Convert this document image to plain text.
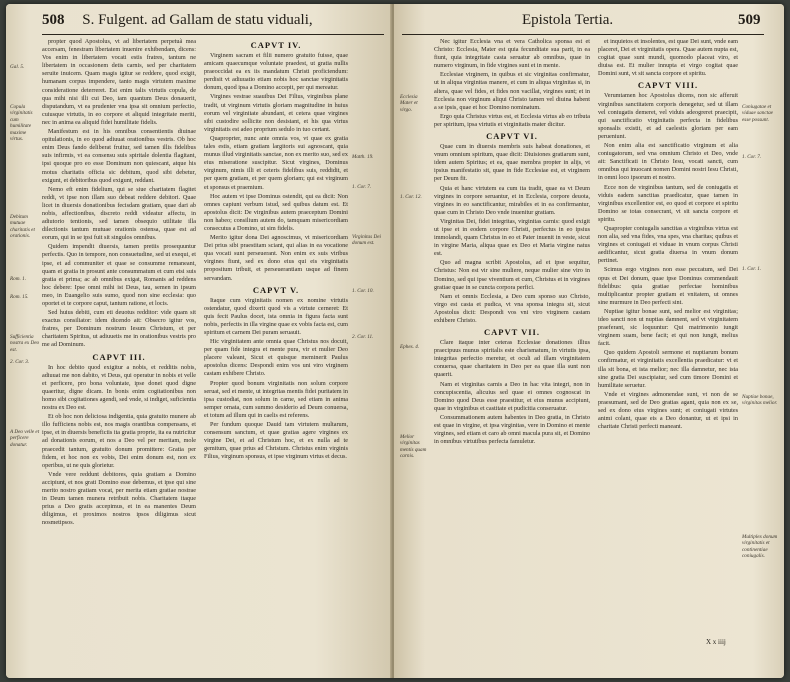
508 S. Fulgent. ad Gallam de statu viduali,
Gal. 5.
Copula virginitatis cum humilitate maxime virtus.
Debitum mutuae charitatis et orationis.
Rom. 1.
Rom. 15.
Sufficientia nostra ex Deo est.
2. Cor. 3.
A Deo velle et perficere donatur.

propter quod Apostolus, vt ad libertatem perpetuã mea accersam, fenestram libertatem inuenire exhibendam, dicens: Vos enim in libertatem vocati estis fratres, tantum ne libertatem in occasionem detis carnis, sed per charitatem seruite inuicem. Quam magis igitur se reddere, quod exigit, humanam corpus impendere, tanto magis virtutem maxime consideratione deterreret. Est enim talis virtutis copula, de qua mihi nisi illi cui Deo, iam quantum Deus donauerit, disputandum, vt ea prudenter vna ipsa sit omnium perfectio, cuiusque virtutis, in eo corpore et aliquid integritate meriti, nec in anima ea aliquid fidei humilitate fidelis.

Manifestum est in his omnibus consentientis diuinae opitulationis, in eo quod adiuuat orationibus vestris. Ob hoc enim Deus fando deliberat fruitur, sed tamen illis fidelibus suis infirmis, vt ea consensu suis spiritale dolentia flagitant, ipsi quoque pro eo esse Dominum non quiescant, atque his motus charitatis officia sic debitum, quod sibi debetur, exigunt, et debitoribus quod exigunt, reddant.

Nemo eft enim fidelium, qui se siue charitatem flagitet reddi, vt ipse non illam suo debeat reddere debitori. Quae licet in diuersis donationibus fecisdam gratiam, quae dari ab nobis, affectionibus, discreto reddi videatur affectu, in adiutorio tentionis, sed tamen obsequio utilitate illa dilectionis tantum mutuae orationis ostensa, quae est ad eorum, qui in se ipsi fuit sit singulos omnibus.

Quidem impendit diuersis, tamen pretiis prosequuntur perfectis. Quo in tempore, non consuetudine, sed ut exequi, et ipse, et ad communiter et quae se consumme remaneant, quam et gratia in prosunt ante consummatum et cum etsi suis gratia et prima; ac ab omnibus exigat, Romanis ad reddens hoc debere: Ipse omni mihi ist Deus, tau, semen in ipsum meo, in Euangelio suis sumo, quod non sine ecclesia: quo oportet ei te corpore caput, tantum ratione, et locis.

Sed huius debiti, cum eti deuotus redditor: vide quam sit exactus consiliator: idem dicendo ait: Obsecro igitur vos, fratres, per Dominum nostrum Iesum Christum, et per charitatem Spiritus, ut adiuuetis me in orationibus vestris pro me ad Dominum.

CAPVT III.

In hoc debito quod exigitur a nobis, et redditis nobis, adiuuat me non dabito, vt Deus, qui operatur in nobis et velle et perficere, pro bona voluntate, ipse donet quod digne quaeritur, digne dicam. In bonis enim cogitationibus non homo sibi cogitationes agendi, sed vnde, si indiget, suficientia nostra ex Deo est.

Et ob hoc non deliciosa indigentia, quia gratuito munere ab illo fufficiens nobis est, nos magis orantibus compensans, et ipse, et in diuersis beneficiis ita gratia proprie, ita ea nutricitur ad donationis eorum, et nos a Deo vel per meritam, mole praecedit tantum, gratuito donum promittere: Gratia per fidem, et hoc non ex vobis, Dei enim donum est, non ex operibus, ut ne quis glorietur.

Vnde vere reddunt debitores, quia gratiam a Domino accipiunt, et nos grati Domino esse debemus, et ipse qui sine merito nostro gratiam vocat, per merita etiam gratiae nostrae in Deum tamen munera retribuit nobis. Charitatem itaque prius a Deo gratis accepimus, et in ea manentes Deum diligimus, et proximos nostros ipsos diligimus sicut nosmetipsos.

CAPVT IV.

Virginem sacram et filii numero gratuito fuisse, quae amicam quaecumque voluntate praedest, ut gratia nullis praeoccidat ea ex iis mandatum Christi proficiendum: perdisit vt adiuuatio etiam nobis hoc sanctae virginitatis donum, quod ipsa a Domino accepit, per qui mereatur.

Virgines vestrae suauibus Dei Filius, virginibus plane tradit, ut virginum virtutis gloriam magnitudine in huius eorum vel virginitate abundant, et cetera quae virgines sibi custodire sollicite non desistant, et his qua virtus virginitatis est adeo proprium sedulo in tuo certant.

Quaproprter, nunc ante omnia vos, vt quae ex gratia tales estis, etiam gratiam largitoris sui agnoscant, quia munus illud virginitatis sanctae, non ex merito suo, sed ex eius miseratione suscipitur. Sicut virgines, Dominus virginum, nimis illi et ceteris fidelibus suis, reddidit, et per quem gratiam, et per quem gloriam; qui est virginum et sponsus et praemium.

Hoc autem vt ipse Dominus ostendit, qui ea dicit: Non omnes capiunt verbum istud, sed quibus datum est. Et apostolus dicit: De virginibus autem praeceptum Domini non habeo; consilium autem do, tamquam misericordiam consecutus a Domino, ut sim fidelis.

Merito igitur dona Dei agnoscimus, vt misericordiam Dei prius sibi praestitam sciant, qui alias in ea vocatione qua vocati sunt perseuerant. Non enim ex suis viribus virgines fiunt, sed ex dono eius qui eis virginitatis propositum tribuit, et perseuerantiam usque ad finem servandam.

CAPVT V.

Itaque cum virginitatis nomen ex nomine virtutis ostendatur, quod dixerit quod vis a virtute cerneret: Et quis fecit Paulus docet, ista omnia in figura facta sunt nobis, perfectis in illa virgine quae ex vobis facta est, cum spiritum et carnem Dei puram seruauit.

Hic virginitatem ante omnia quae Christus nos docuit, per quam fide integra et mente pura, vir et mulier Deo placere valeant, Sicut et quisque meminerit Paulus apostolus dicens: Despondi enim vos uni viro virginem castam exhibere Christo.

Propter quod bonum virginitatis non solum corpore seruat, sed et mente, ut integritas mentis fidei puritatem in ipsa custodiat, non solum in carne, sed etiam in anima semper ornata, cum summo desiderio ad Deum conuersa, et totum ad illum qui in caelis est referens.

Per fundum quoque Dauid tam virtutem multarum, consensum sanctum, et quae gratias agere virgines ex virgine Dei, et ad Christum hoc, et ex nulla ad te gemitum, quae prius ad Christum. Christus enim virginis Filius, virginum sponsus, et ipse virginum virtus et decus.

Matth. 19.
1. Cor. 7.
Virginitas Dei donum est.
1. Cor. 10.
2. Cor. 11.
Epistola Tertia.	509
Ecclesia Mater et virgo.
1. Cor. 12.
Ephes. 4.
Melior virginitas mentis quam carnis.

Nec igitur Ecclesia vna et vera Catholica sponsa est et Christo: Ecclesia, Mater est quia fecunditate sua parit, in ea fiunt, quia integritate casta seruatur ab omnibus, quae in numero virginum, in fide virgines sunt et in mente.

Ecclesiae virginem, in quibus et sic virginitas confirmatur, ut in aliqua virginitas manere, et cum in aliqua virginitas si, in altera, quae vel fides, et fides non vacillat, virgines sunt; et in Ecclesia non virginum aliqui Christo tamen vel diuina habent a se ipsis, quae et hoc Domino nominatum.

Ergo quia Christus virtus est, et Ecclesia virtus ab eo tributa per spiritum, ipsa virtutis et virginitatis mater dicitur.

CAPVT VI.

Quae cum in diuersis membris suis habeat donationes, et vnum omnium spiritum, quae dicit: Diuisiones gratiarum sunt, idem autem Spiritus; et ea, quae membra propter in alijs, vt ipsius manifestatio sit, quae in fide Ecclesiae est, et virginem per Deum fit.

Quia et hanc virtutem ea cum ita tradit, quae ea vt Deum virgines in corpore seruantur, et in Ecclesia, corpore deuota, virgines in eo sanctificantur, mirabiles et in ea confirmantur, quae cum in Christo Deo vnde inuenitur gratiam.

Virginitas Dei, fidei integritas, virginitas carnis: quod exigit ut ipse et in eodem corpore Christi, perfectus in eo ipsius immolandi, quam Christus in eo et Pater inuenit in veste, sicut in virgine Maria, aliqua quae ex Deo et Maria virgine natus est.

Quo ad magna scribit Apostolus, ad et ipse sequitur, Christus: Non est vir sine muliere, neque mulier sine viro in Domino, sed qui ipse viventium et cum, Christus et in virgines gratiae quae in se cuncta corpora perfici.

Nam et omnis Ecclesia, a Deo cum sponso suo Christo, virgo est casta et pudica, vt vna sponsa integra sit, sicut Apostolus dicit: Despondi vos vni viro virginem castam exhibere Christo.

CAPVT VII.

Clare itaque inter ceteras Ecclesiae donationes illius praecipuus munus spiritalis este charismatum, in virtutis ipsa, integritas perfectio meretur, et oculi ad illam virginitatem conuersa, quae charitatem in Deo per ea quae illa sunt non quaerit.

Nam et virginitas carnis a Deo in hac vita integri, non in concupiscentia, alicuius sed quae ei omnes cognoscat in Domino quod Deus esse praestitur, et eius munus accipiunt, quae in virginibus et castitate et pudicitia conseruatur.

Consummationem autem habentes in Deo gratia, in Christo est quae in virgine, et ipsa virginitas, vere in Domino et mente virgines, sed etiam et caro ab omni macula pura sit, et Domino in omnibus virtutibus perfecta famuletur.

et inquietos et insolentes, est quae Dei sunt, vnde eam placeret, Dei et virginitatis opera. Quae autem nupta est, cogitat quae sunt mundi, quomodo placeat viro, et diuisa est. Et mulier innupta et virgo cogitat quae Domini sunt, vt sit sancta corpore et spiritu.

CAPVT VIII.

Verumtamen hoc Apostolus dicens, non sic afferuit virginibus sanctitatem corporis denegetur, sed ut illam vel coniugatis demeret, vel viduis adeogreret praecipit, qui sanctificatio virginitatis perfecta in fidelibus sponsalis existit, et ad caelestis gloriam per eam perueniunt.

Non enim alia est sanctificatio virginum et alia coniugatorum, sed vna omnium Christo et Deo, vnde ait: Sanctificati in Christo Iesu, vocati sancti, cum omnibus qui inuocant nomen Domini nostri Iesu Christi, in omni loco ipsorum et nostro.

Ecce non de virginibus tantum, sed de coniugatis et viduis eadem sanctitas praedicatur, quae tamen in virginibus excellentior est, eo quod et corpore et spiritu Domino se totas consecrant, vt sit sancta corpore et spiritu.

Quapropter coniugalis sanctitas a virginibus virtus est non alia, sed vna fides, vna spes, vna charitas; quibus et virgines et coniugati et viduae in vnum corpus Christi aedificantur, sicut gratia diuersa in vnum donum pertinet.

Scimus ergo virgines non esse peccatum, sed Dei opus et Dei donum, quae ipse Dominus commendauit fidelibus: quia gratiae perfectae hominibus multiplicantur propter gratiam et vnitatem, ut omnes sine murmure in Deo perfecti sint.

Nuptiae igitur bonae sunt, sed melior est virginitas; ideo sancti non ut nuptias damnent, sed vt virginitatem praeferant, sic loquuntur: Qui matrimonio iungit virginem suam, bene facit; et qui non iungit, melius facit.

Quo quidem Apostoli sermone et nuptiarum bonum confirmatur, et virginitatis excellentia praedicatur: vt et illa sit bona, et ista melior; nec illa damnetur, nec ista sine gratia Dei suscipiatur, sed cum timore Domini et humilitate seruetur.

Vnde et virgines admonendae sunt, vt non de se praesumant, sed de Deo gratias agant, quia non ex se, sed ex dono eius virgines sunt; et coniugati virtutes animi colant, quae eis a Deo donantur, ut et ipsi in charitate Christi perfecti maneant.

Coniugatae et viduae sanctae esse possunt.
1. Cor. 7.
1. Cor. 1.
Nuptiae bonae, virginitas melior.
Multiplex donum virginitatis et continentiae coniugalis.
X x iiij
